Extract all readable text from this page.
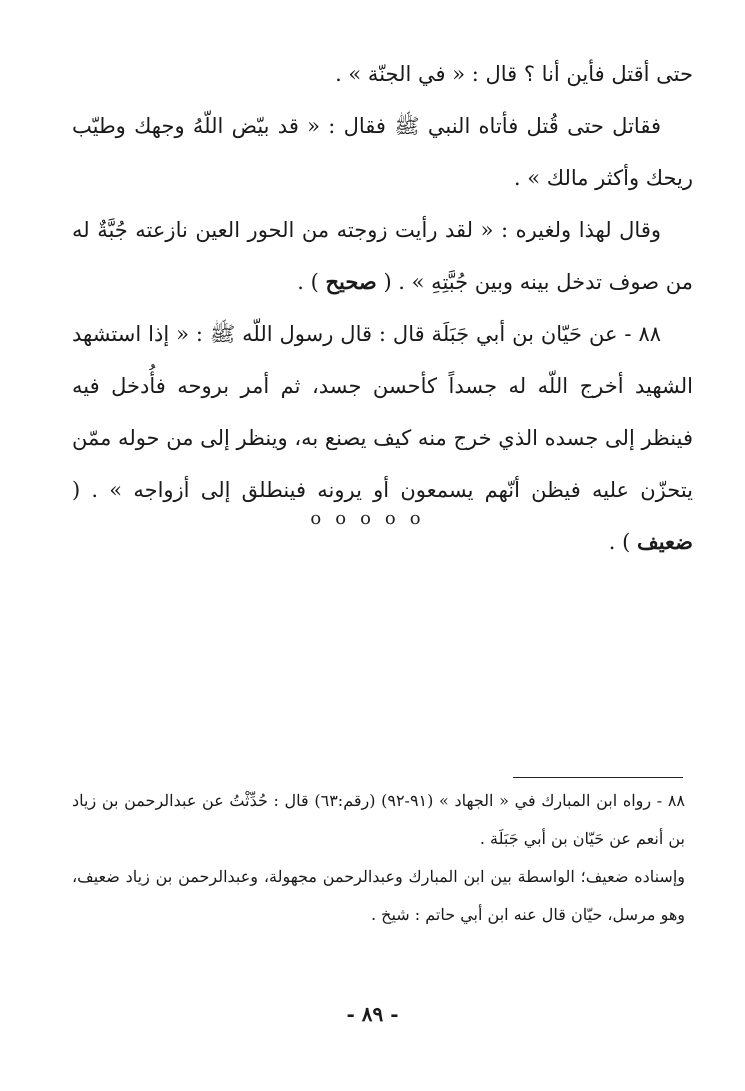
حتى أقتل فأين أنا ؟ قال : « في الجنّة » .

فقاتل حتى قُتل فأتاه النبي ﷺ فقال : « قد بيّض اللّهُ وجهك وطيّب ريحك وأكثر مالك » .

وقال لهذا ولغيره : « لقد رأيت زوجته من الحور العين نازعته جُبَّةٌ له من صوف تدخل بينه وبين جُبَّتِهِ » . ( صحيح ) .

٨٨ - عن حَيّان بن أبي جَبَلَة قال : قال رسول اللّه ﷺ : « إذا استشهد الشهيد أخرج اللّه له جسداً كأحسن جسد، ثم أمر بروحه فأُدخل فيه فينظر إلى جسده الذي خرج منه كيف يصنع به، وينظر إلى من حوله ممّن يتحزّن عليه فيظن أنّهم يسمعون أو يرونه فينطلق إلى أزواجه » . ( ضعيف ) .

ooooo

٨٨ - رواه ابن المبارك في « الجهاد » (٩١-٩٢) (رقم:٦٣) قال : حُدِّثْتُ عن عبدالرحمن بن زياد بن أنعم عن حَيّان بن أبي جَبَلَة .

وإسناده ضعيف؛ الواسطة بين ابن المبارك وعبدالرحمن مجهولة، وعبدالرحمن بن زياد ضعيف، وهو مرسل، حيّان قال عنه ابن أبي حاتم : شيخ .

- ٨٩ -
